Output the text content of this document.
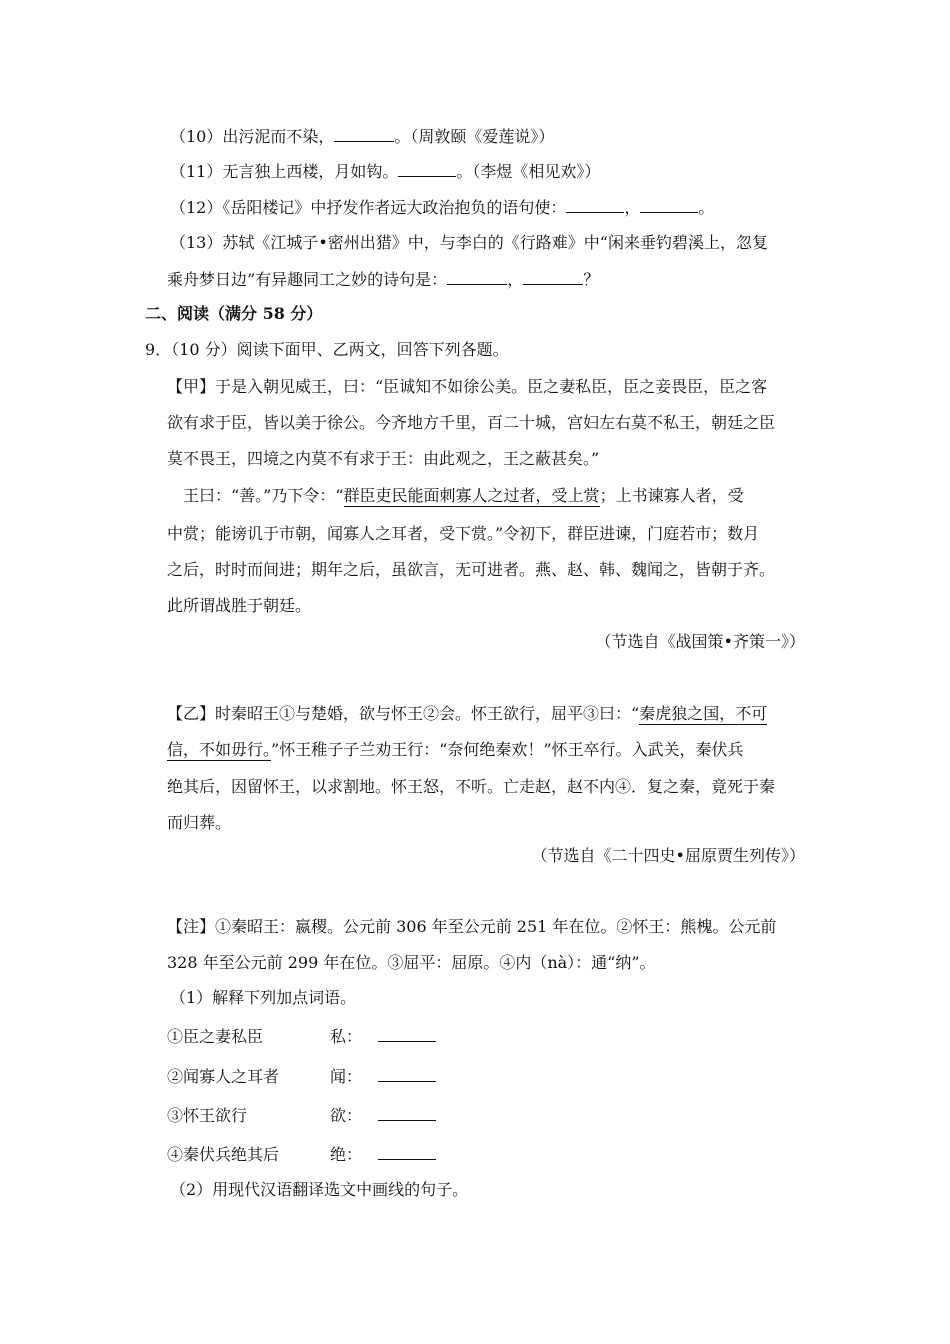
（10）出污泥而不染，	。（周敦颐《爱莲说》）
（11）无言独上西楼，月如钩。	。（李煜《相见欢》）
（12）《岳阳楼记》中抒发作者远大政治抱负的语句使：	，	。
（13）苏轼《江城子•密州出猎》中，与李白的《行路难》中“闲来垂钓碧溪上，忽复
乘舟梦日边”有异趣同工之妙的诗句是：	，	？
二、阅读（满分 58 分）
9．（10 分）阅读下面甲、乙两文，回答下列各题。
【甲】于是入朝见威王，曰：“臣诚知不如徐公美。臣之妻私臣，臣之妾畏臣，臣之客
欲有求于臣，皆以美于徐公。今齐地方千里，百二十城，宫妇左右莫不私王，朝廷之臣
莫不畏王，四境之内莫不有求于王：由此观之，王之蔽甚矣。”
王曰：“善。”乃下令：“群臣吏民能面刺寡人之过者，受上赏；上书谏寡人者，受
中赏；能谤讥于市朝，闻寡人之耳者，受下赏。”令初下，群臣进谏，门庭若市；数月
之后，时时而间进；期年之后，虽欲言，无可进者。燕、赵、韩、魏闻之，皆朝于齐。
此所谓战胜于朝廷。
（节选自《战国策•齐策一》）
【乙】时秦昭王①与楚婚，欲与怀王②会。怀王欲行，屈平③曰：“秦虎狼之国，不可
信，不如毋行。”怀王稚子子兰劝王行：“奈何绝秦欢！”怀王卒行。入武关，秦伏兵
绝其后，因留怀王，以求割地。怀王怒，不听。亡走赵，赵不内④．复之秦，竟死于秦
而归葬。
（节选自《二十四史•屈原贾生列传》）
【注】①秦昭王：嬴稷。公元前 306 年至公元前 251 年在位。②怀王：熊槐。公元前
328 年至公元前 299 年在位。③屈平：屈原。④内（nà）：通“纳”。
（1）解释下列加点词语。
①臣之妻私臣	私：
②闻寡人之耳者	闻：
③怀王欲行	欲：
④秦伏兵绝其后	绝：
（2）用现代汉语翻译选文中画线的句子。
